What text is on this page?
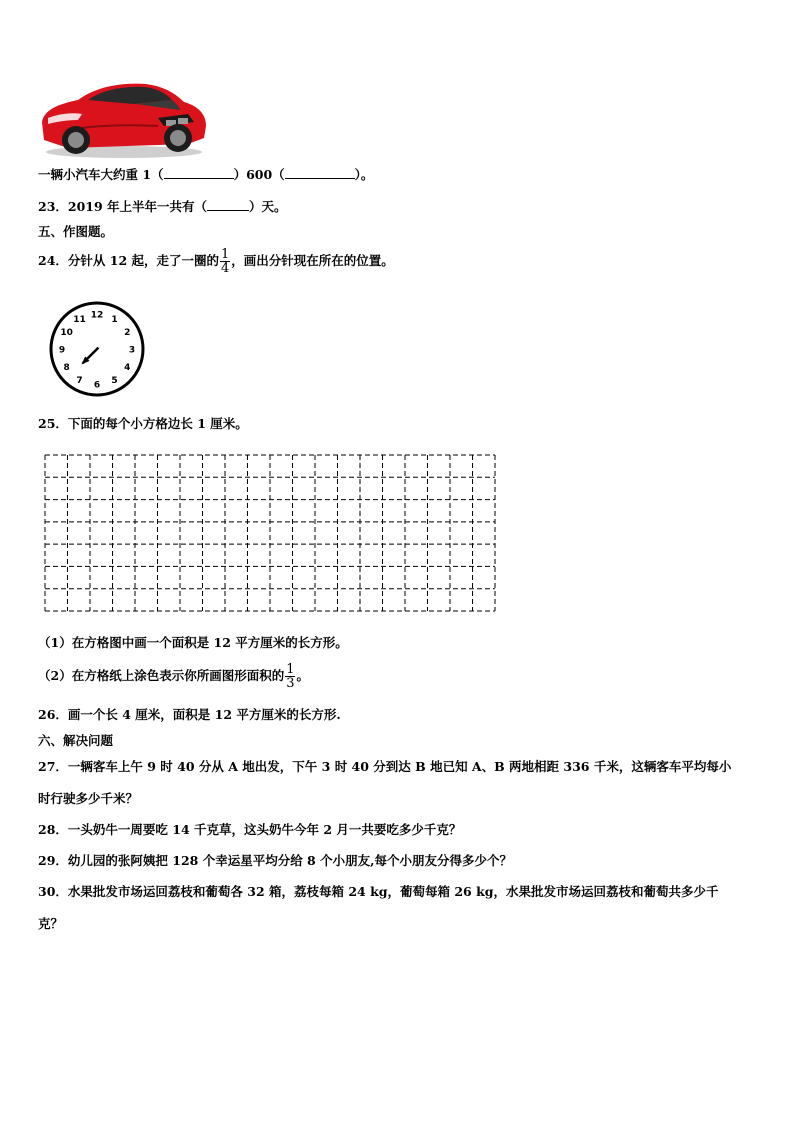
一辆小汽车大约重 1（	）600（	）。
23．2019 年上半年一共有（	）天。
五、作图题。
24．分针从 12 起，走了一圈的 $\frac{1}{4}$ ，画出分针现在所在的位置。
12 1
2
3
4
5
6
7
8
9
10
11
25．下面的每个小方格边长 1 厘米。
（1）在方格图中画一个面积是 12 平方厘米的长方形。
（2）在方格纸上涂色表示你所画图形面积的 $\frac{1}{3}$ 。
26．画一个长 4 厘米，面积是 12 平方厘米的长方形.
六、解决问题
27．一辆客车上午 9 时 40 分从 A 地出发，下午 3 时 40 分到达 B 地已知 A、B 两地相距 336 千米，这辆客车平均每小
时行驶多少千米？
28．一头奶牛一周要吃 14 千克草，这头奶牛今年 2 月一共要吃多少千克？
29．幼儿园的张阿姨把 128 个幸运星平均分给 8 个小朋友,每个小朋友分得多少个？
30．水果批发市场运回荔枝和葡萄各 32 箱，荔枝每箱 24 kg，葡萄每箱 26 kg，水果批发市场运回荔枝和葡萄共多少千
克？
